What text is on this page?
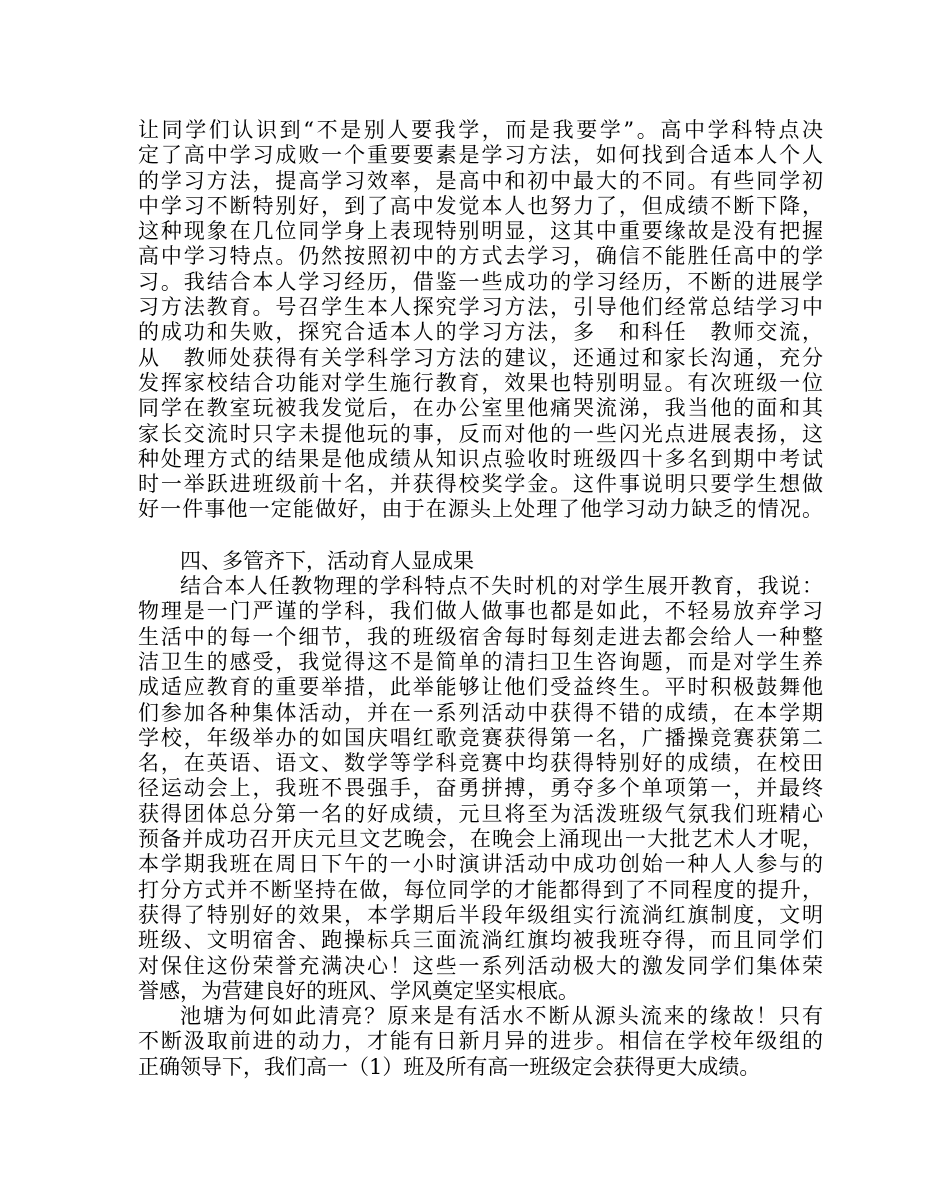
让同学们认识到“不是别人要我学，而是我要学”。高中学科特点决
定了高中学习成败一个重要要素是学习方法，如何找到合适本人个人
的学习方法，提高学习效率，是高中和初中最大的不同。有些同学初
中学习不断特别好，到了高中发觉本人也努力了，但成绩不断下降，
这种现象在几位同学身上表现特别明显，这其中重要缘故是没有把握
高中学习特点。仍然按照初中的方式去学习，确信不能胜任高中的学
习。我结合本人学习经历，借鉴一些成功的学习经历，不断的进展学
习方法教育。号召学生本人探究学习方法，引导他们经常总结学习中
的成功和失败，探究合适本人的学习方法，多　和科任　教师交流，
从　教师处获得有关学科学习方法的建议，还通过和家长沟通，充分
发挥家校结合功能对学生施行教育，效果也特别明显。有次班级一位
同学在教室玩被我发觉后，在办公室里他痛哭流涕，我当他的面和其
家长交流时只字未提他玩的事，反而对他的一些闪光点进展表扬，这
种处理方式的结果是他成绩从知识点验收时班级四十多名到期中考试
时一举跃进班级前十名，并获得校奖学金。这件事说明只要学生想做
好一件事他一定能做好，由于在源头上处理了他学习动力缺乏的情况。
四、多管齐下，活动育人显成果
结合本人任教物理的学科特点不失时机的对学生展开教育，我说：
物理是一门严谨的学科，我们做人做事也都是如此，不轻易放弃学习
生活中的每一个细节，我的班级宿舍每时每刻走进去都会给人一种整
洁卫生的感受，我觉得这不是简单的清扫卫生咨询题，而是对学生养
成适应教育的重要举措，此举能够让他们受益终生。平时积极鼓舞他
们参加各种集体活动，并在一系列活动中获得不错的成绩，在本学期
学校，年级举办的如国庆唱红歌竞赛获得第一名，广播操竞赛获第二
名，在英语、语文、数学等学科竞赛中均获得特别好的成绩，在校田
径运动会上，我班不畏强手，奋勇拼搏，勇夺多个单项第一，并最终
获得团体总分第一名的好成绩，元旦将至为活泼班级气氛我们班精心
预备并成功召开庆元旦文艺晚会，在晚会上涌现出一大批艺术人才呢，
本学期我班在周日下午的一小时演讲活动中成功创始一种人人参与的
打分方式并不断坚持在做，每位同学的才能都得到了不同程度的提升，
获得了特别好的效果，本学期后半段年级组实行流淌红旗制度，文明
班级、文明宿舍、跑操标兵三面流淌红旗均被我班夺得，而且同学们
对保住这份荣誉充满决心！这些一系列活动极大的激发同学们集体荣
誉感，为营建良好的班风、学风奠定坚实根底。
池塘为何如此清亮？原来是有活水不断从源头流来的缘故！只有
不断汲取前进的动力，才能有日新月异的进步。相信在学校年级组的
正确领导下，我们高一（1）班及所有高一班级定会获得更大成绩。
